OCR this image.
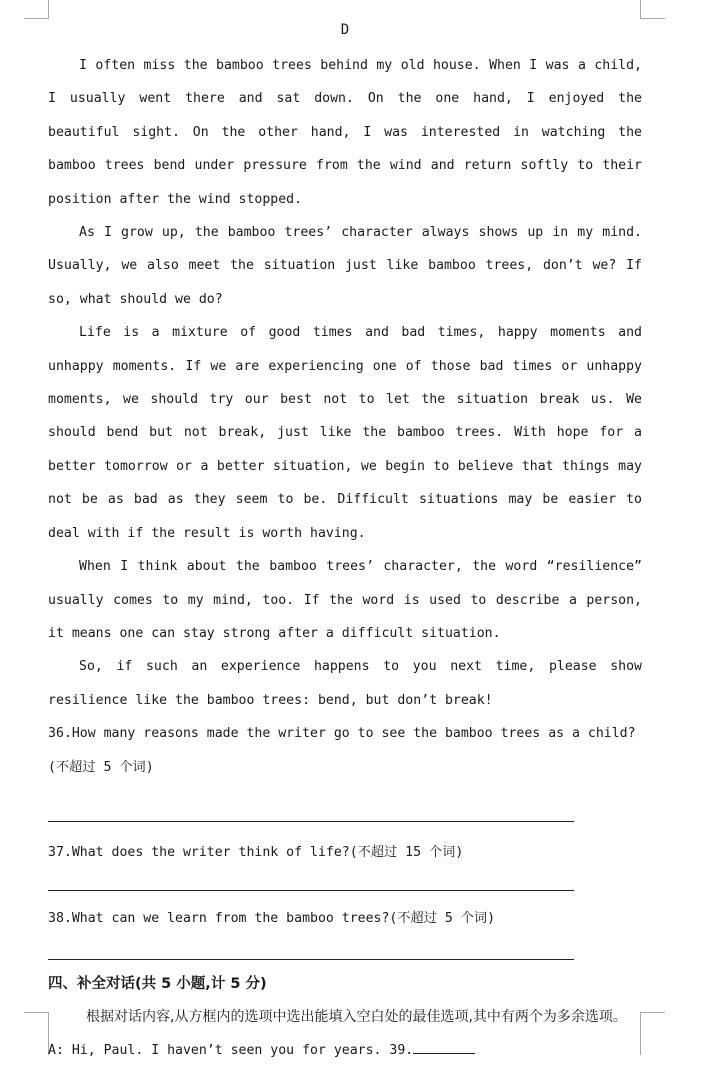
D

I often miss the bamboo trees behind my old house. When I was a child, I usually went there and sat down. On the one hand, I enjoyed the beautiful sight. On the other hand, I was interested in watching the bamboo trees bend under pressure from the wind and return softly to their position after the wind stopped.

As I grow up, the bamboo trees’ character always shows up in my mind. Usually, we also meet the situation just like bamboo trees, don’t we? If so, what should we do?

Life is a mixture of good times and bad times, happy moments and unhappy moments. If we are experiencing one of those bad times or unhappy moments, we should try our best not to let the situation break us. We should bend but not break, just like the bamboo trees. With hope for a better tomorrow or a better situation, we begin to believe that things may not be as bad as they seem to be. Difficult situations may be easier to deal with if the result is worth having.

When I think about the bamboo trees’ character, the word “resilience” usually comes to my mind, too. If the word is used to describe a person, it means one can stay strong after a difficult situation.

So, if such an experience happens to you next time, please show resilience like the bamboo trees: bend, but don’t break!

36.How many reasons made the writer go to see the bamboo trees as a child?(不超过 5 个词)

37.What does the writer think of life?(不超过 15 个词)

38.What can we learn from the bamboo trees?(不超过 5 个词)

四、补全对话(共 5 小题,计 5 分)

根据对话内容,从方框内的选项中选出能填入空白处的最佳选项,其中有两个为多余选项。

A: Hi, Paul. I haven’t seen you for years. 39.
